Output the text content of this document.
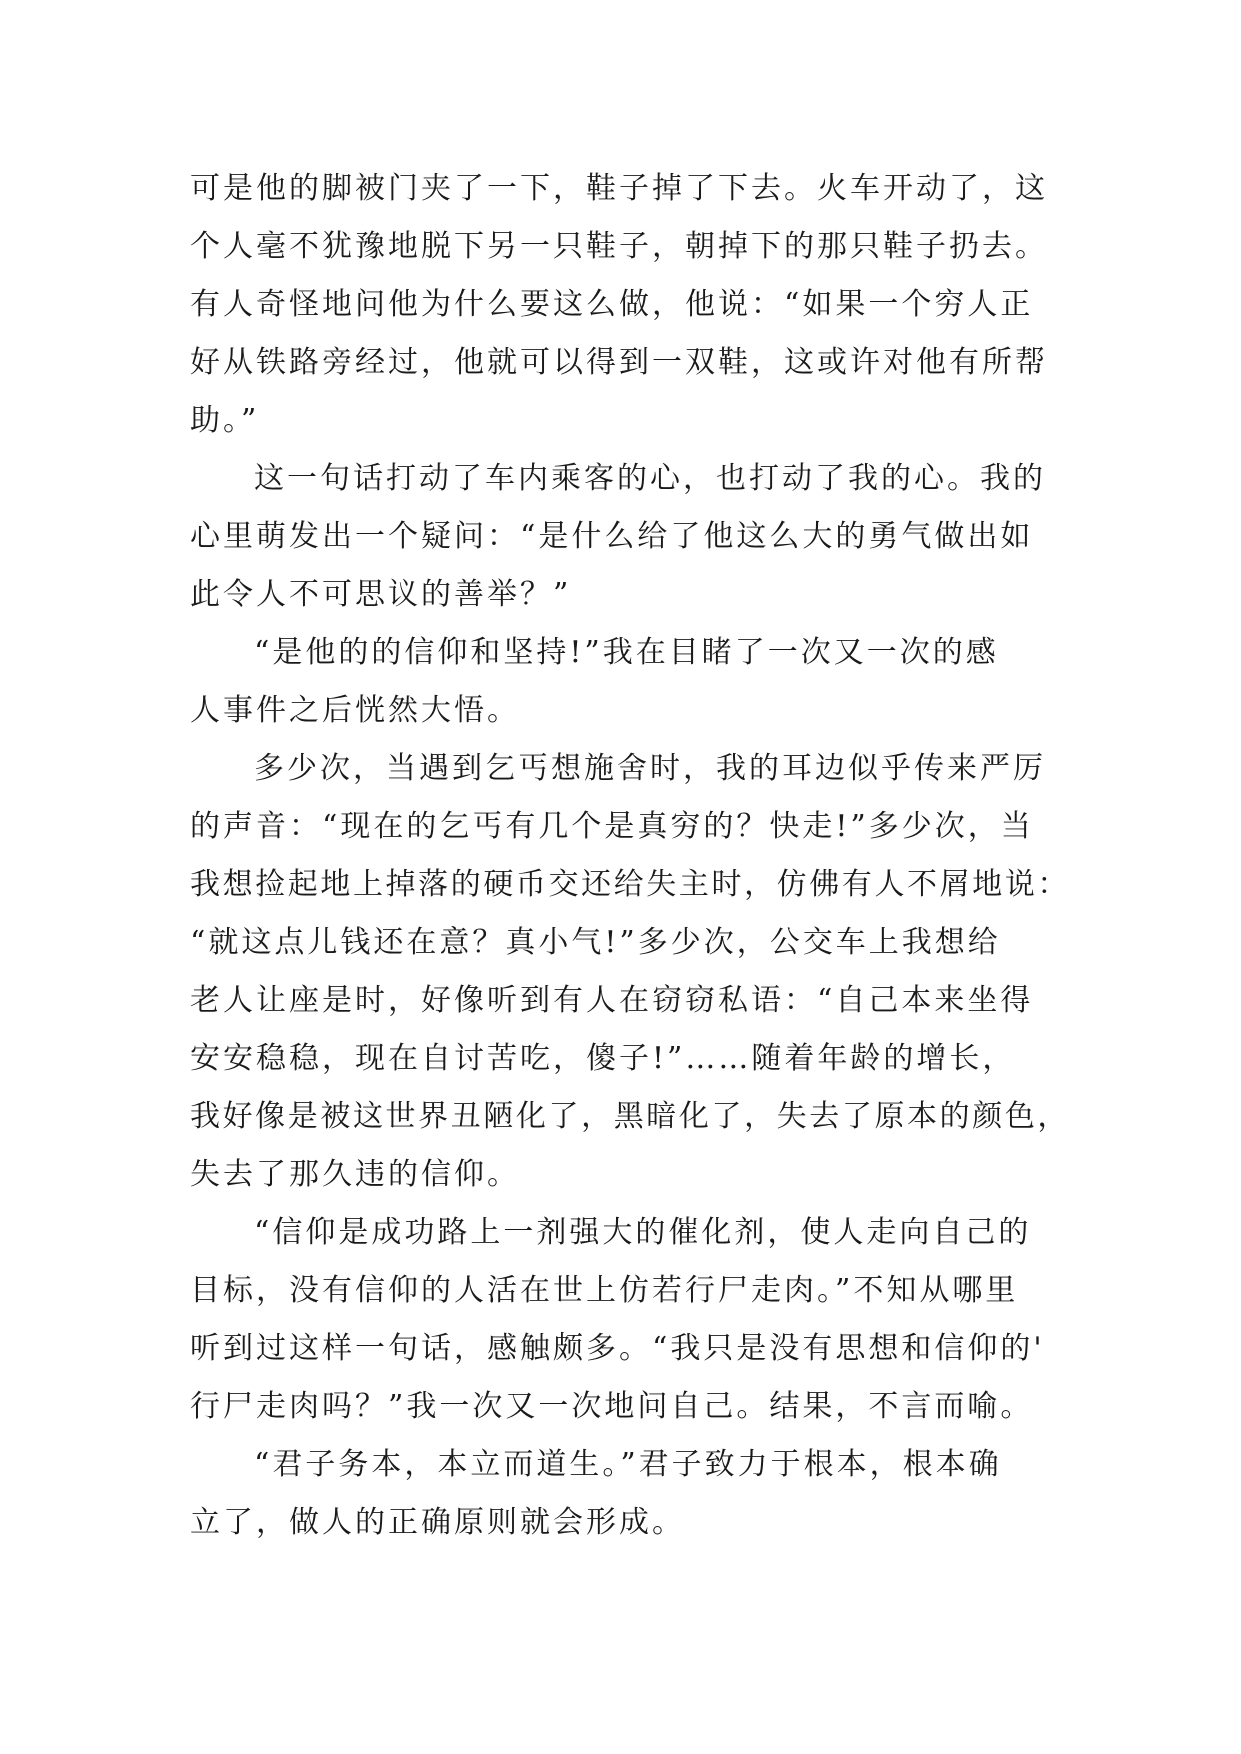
可是他的脚被门夹了一下，鞋子掉了下去。火车开动了，这
个人毫不犹豫地脱下另一只鞋子，朝掉下的那只鞋子扔去。
有人奇怪地问他为什么要这么做，他说：“如果一个穷人正
好从铁路旁经过，他就可以得到一双鞋，这或许对他有所帮
助。”
这一句话打动了车内乘客的心，也打动了我的心。我的
心里萌发出一个疑问：“是什么给了他这么大的勇气做出如
此令人不可思议的善举？”
“是他的的信仰和坚持!”我在目睹了一次又一次的感
人事件之后恍然大悟。
多少次，当遇到乞丐想施舍时，我的耳边似乎传来严厉
的声音：“现在的乞丐有几个是真穷的？快走!”多少次，当
我想捡起地上掉落的硬币交还给失主时，仿佛有人不屑地说：
“就这点儿钱还在意？真小气!”多少次，公交车上我想给
老人让座是时，好像听到有人在窃窃私语：“自己本来坐得
安安稳稳，现在自讨苦吃，傻子!”……随着年龄的增长，
我好像是被这世界丑陋化了，黑暗化了，失去了原本的颜色，
失去了那久违的信仰。
“信仰是成功路上一剂强大的催化剂，使人走向自己的
目标，没有信仰的人活在世上仿若行尸走肉。”不知从哪里
听到过这样一句话，感触颇多。“我只是没有思想和信仰的'
行尸走肉吗？”我一次又一次地问自己。结果，不言而喻。
“君子务本，本立而道生。”君子致力于根本，根本确
立了，做人的正确原则就会形成。
